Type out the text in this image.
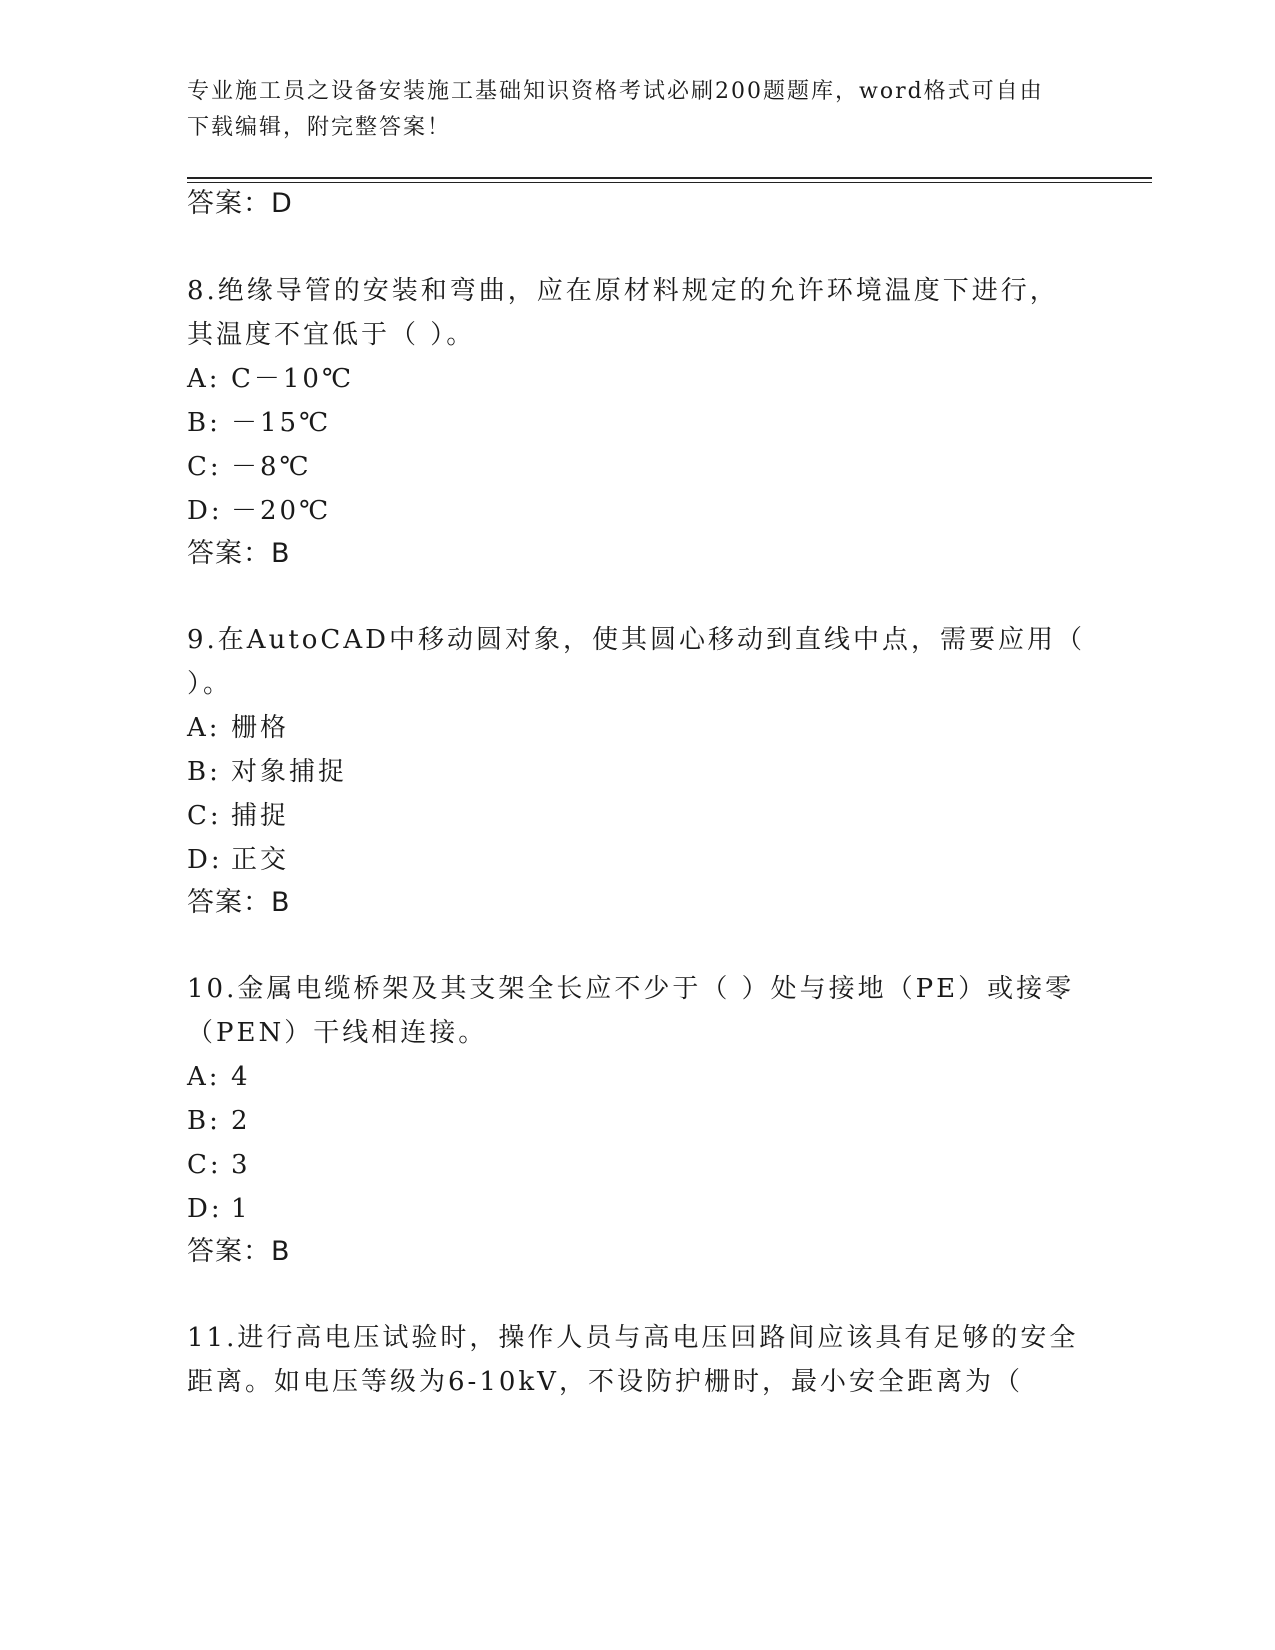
专业施工员之设备安装施工基础知识资格考试必刷200题题库，word格式可自由
下载编辑，附完整答案！
答案：D
8.绝缘导管的安装和弯曲，应在原材料规定的允许环境温度下进行，
其温度不宜低于（ ）。
A: C－10℃
B: －15℃
C: －8℃
D: －20℃
答案：B
9.在AutoCAD中移动圆对象，使其圆心移动到直线中点，需要应用（
）。
A: 栅格
B: 对象捕捉
C: 捕捉
D: 正交
答案：B
10.金属电缆桥架及其支架全长应不少于（ ）处与接地（PE）或接零
（PEN）干线相连接。
A: 4
B: 2
C: 3
D: 1
答案：B
11.进行高电压试验时，操作人员与高电压回路间应该具有足够的安全
距离。如电压等级为6-10kV，不设防护栅时，最小安全距离为（
